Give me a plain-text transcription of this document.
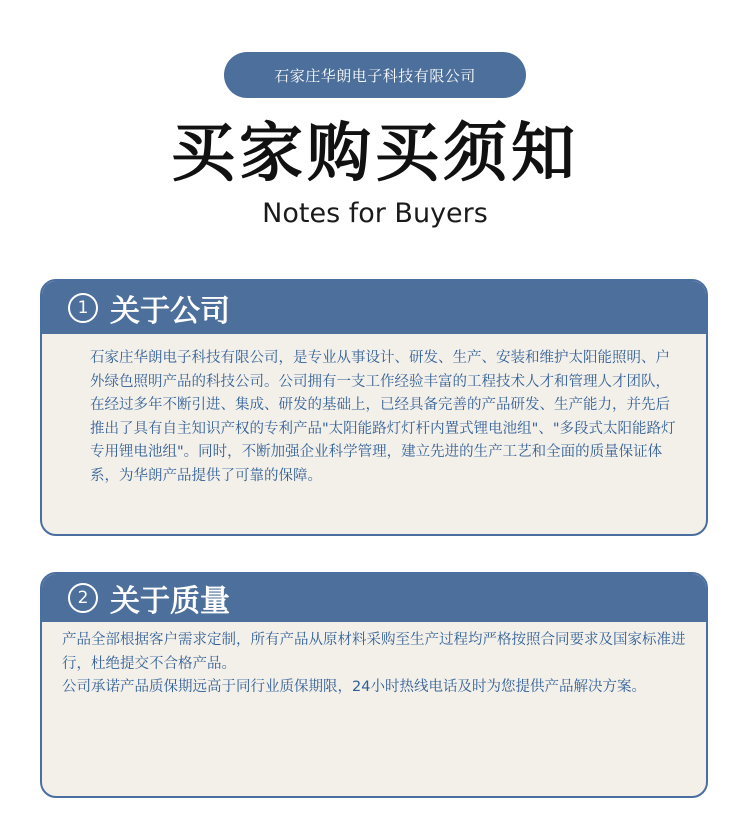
石家庄华朗电子科技有限公司
买家购买须知
Notes for Buyers
1 关于公司

石家庄华朗电子科技有限公司，是专业从事设计、研发、生产、安装和维护太阳能照明、户外绿色照明产品的科技公司。公司拥有一支工作经验丰富的工程技术人才和管理人才团队，在经过多年不断引进、集成、研发的基础上，已经具备完善的产品研发、生产能力，并先后推出了具有自主知识产权的专利产品"太阳能路灯灯杆内置式锂电池组"、"多段式太阳能路灯专用锂电池组"。同时，不断加强企业科学管理，建立先进的生产工艺和全面的质量保证体系，为华朗产品提供了可靠的保障。

2 关于质量

产品全部根据客户需求定制，所有产品从原材料采购至生产过程均严格按照合同要求及国家标准进行，杜绝提交不合格产品。

公司承诺产品质保期远高于同行业质保期限，24小时热线电话及时为您提供产品解决方案。
